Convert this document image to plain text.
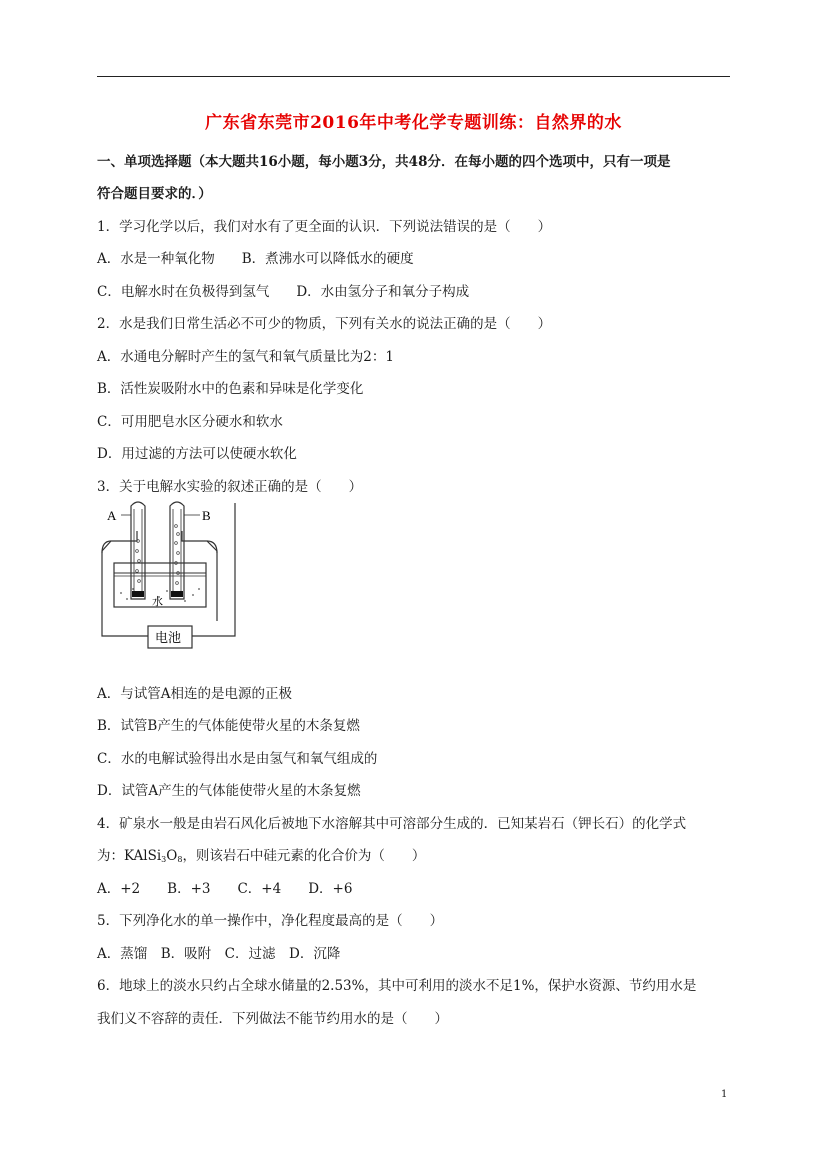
广东省东莞市2016年中考化学专题训练：自然界的水
一、单项选择题（本大题共16小题，每小题3分，共48分．在每小题的四个选项中，只有一项是
符合题目要求的．）
1．学习化学以后，我们对水有了更全面的认识．下列说法错误的是（　　）
A．水是一种氧化物　　B．煮沸水可以降低水的硬度
C．电解水时在负极得到氢气　　D．水由氢分子和氧分子构成
2．水是我们日常生活必不可少的物质，下列有关水的说法正确的是（　　）
A．水通电分解时产生的氢气和氧气质量比为2：1
B．活性炭吸附水中的色素和异味是化学变化
C．可用肥皂水区分硬水和软水
D．用过滤的方法可以使硬水软化
3．关于电解水实验的叙述正确的是（　　）
A	B
水
电池
A．与试管A相连的是电源的正极
B．试管B产生的气体能使带火星的木条复燃
C．水的电解试验得出水是由氢气和氧气组成的
D．试管A产生的气体能使带火星的木条复燃
4．矿泉水一般是由岩石风化后被地下水溶解其中可溶部分生成的．已知某岩石（钾长石）的化学式
为：$KAlSi_3O_8$，则该岩石中硅元素的化合价为（　　）
A．+2　　B．+3　　C．+4　　D．+6
5．下列净化水的单一操作中，净化程度最高的是（　　）
A．蒸馏　B．吸附　C．过滤　D．沉降
6．地球上的淡水只约占全球水储量的2.53%，其中可利用的淡水不足1%，保护水资源、节约用水是
我们义不容辞的责任．下列做法不能节约用水的是（　　）
1
